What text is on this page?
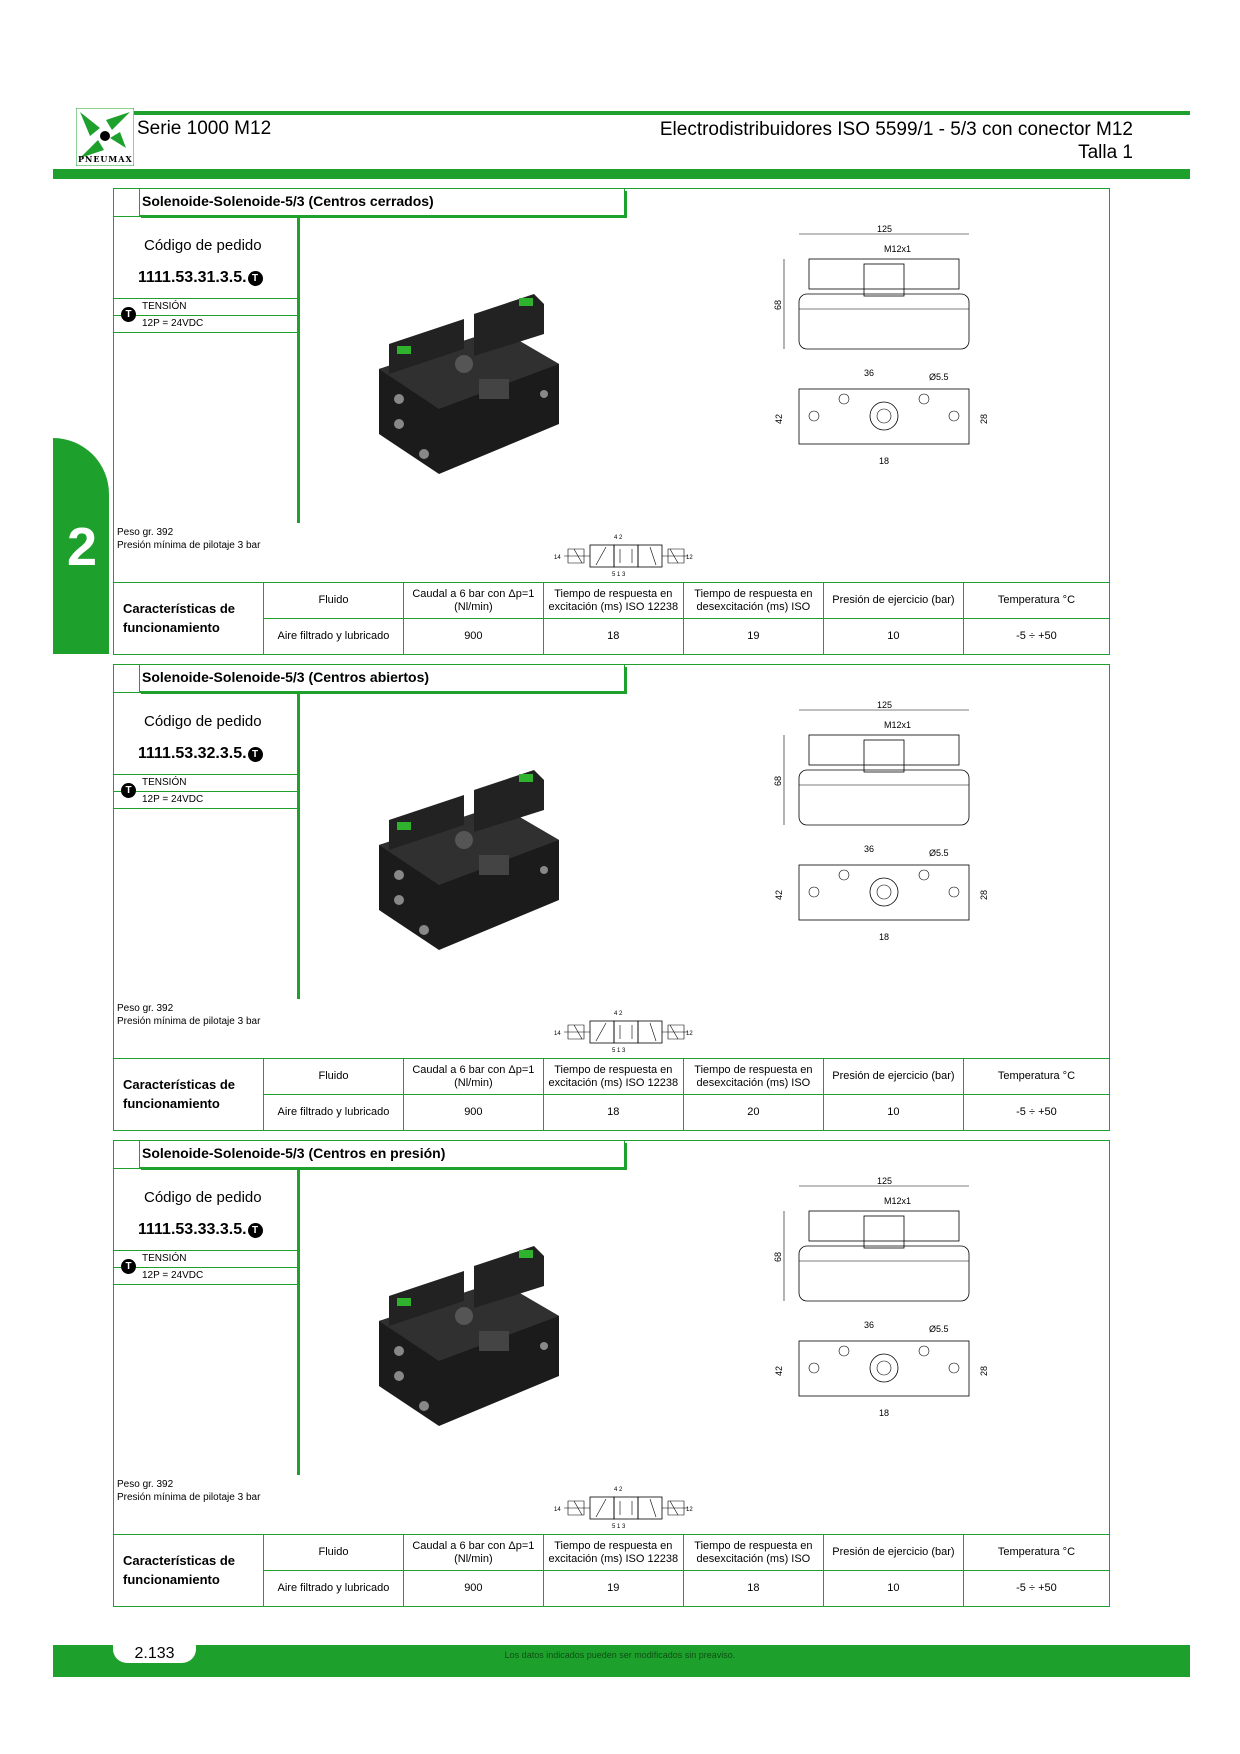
PNEUMAX
Serie 1000 M12	Electrodistribuidores ISO 5599/1 - 5/3 con conector M12
Talla 1
2
Solenoide-Solenoide-5/3 (Centros cerrados)
Código de pedido
1111.53.31.3.5. T
T
TENSIÓN
12P = 24VDC
125
M12x1
68
36	Ø5.5
42	28
18
Peso gr. 392
Presión mínima de pilotaje 3 bar
4 2
14	12
5 1 3
Características de funcionamiento
Fluido	Caudal a 6 bar con Δp=1 (Nl/min)	Tiempo de respuesta en excitación (ms) ISO 12238	Tiempo de respuesta en desexcitación (ms) ISO	Presión de ejercicio (bar)	Temperatura °C
Aire filtrado y lubricado	900	18	19	10	-5 ÷ +50
Solenoide-Solenoide-5/3 (Centros abiertos)
Código de pedido
1111.53.32.3.5. T
T
TENSIÓN
12P = 24VDC
125
M12x1
68
36	Ø5.5
42	28
18
Peso gr. 392
Presión mínima de pilotaje 3 bar
4 2
14	12
5 1 3
Características de funcionamiento
Fluido	Caudal a 6 bar con Δp=1 (Nl/min)	Tiempo de respuesta en excitación (ms) ISO 12238	Tiempo de respuesta en desexcitación (ms) ISO	Presión de ejercicio (bar)	Temperatura °C
Aire filtrado y lubricado	900	18	20	10	-5 ÷ +50
Solenoide-Solenoide-5/3 (Centros en presión)
Código de pedido
1111.53.33.3.5. T
T
TENSIÓN
12P = 24VDC
125
M12x1
68
36	Ø5.5
42	28
18
Peso gr. 392
Presión mínima de pilotaje 3 bar
4 2
14	12
5 1 3
Características de funcionamiento
Fluido	Caudal a 6 bar con Δp=1 (Nl/min)	Tiempo de respuesta en excitación (ms) ISO 12238	Tiempo de respuesta en desexcitación (ms) ISO	Presión de ejercicio (bar)	Temperatura °C
Aire filtrado y lubricado	900	19	18	10	-5 ÷ +50
2.133	Los datos indicados pueden ser modificados sin preaviso.
